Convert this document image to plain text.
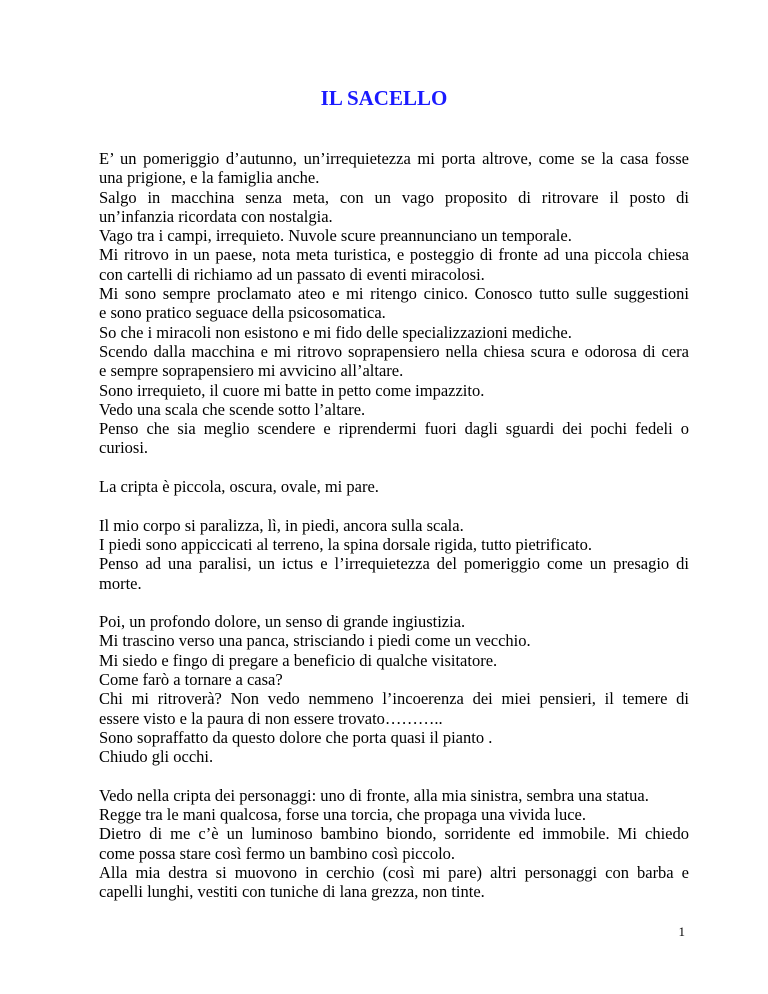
IL SACELLO
E’ un pomeriggio d’autunno, un’irrequietezza mi porta altrove, come se la casa fosse
una prigione, e la famiglia anche.
Salgo in macchina senza meta, con un vago proposito di ritrovare il posto di
un’infanzia ricordata con nostalgia.
Vago tra i campi, irrequieto. Nuvole scure preannunciano un temporale.
Mi ritrovo in un paese, nota meta turistica, e posteggio di fronte ad una piccola chiesa
con cartelli di richiamo ad un passato di eventi miracolosi.
Mi sono sempre proclamato ateo e mi ritengo cinico. Conosco tutto sulle suggestioni
e sono pratico seguace della psicosomatica.
So che i miracoli non esistono e mi fido delle specializzazioni mediche.
Scendo dalla macchina e mi ritrovo soprapensiero nella chiesa scura e odorosa di cera
e sempre soprapensiero mi avvicino all’altare.
Sono irrequieto, il cuore mi batte in petto come impazzito.
Vedo una scala che scende sotto l’altare.
Penso che sia meglio scendere e riprendermi fuori dagli sguardi dei pochi fedeli o
curiosi.
La cripta è piccola, oscura, ovale, mi pare.
Il mio corpo si paralizza, lì, in piedi, ancora sulla scala.
I piedi sono appiccicati al terreno, la spina dorsale rigida, tutto pietrificato.
Penso ad una paralisi, un ictus e l’irrequietezza del pomeriggio come un presagio di
morte.
Poi, un profondo dolore, un senso di grande ingiustizia.
Mi trascino verso una panca, strisciando i piedi come un vecchio.
Mi siedo e fingo di pregare a beneficio di qualche visitatore.
Come farò a tornare a casa?
Chi mi ritroverà? Non vedo nemmeno l’incoerenza dei miei pensieri, il temere di
essere visto e la paura di non essere trovato………..
Sono sopraffatto da questo dolore che porta quasi il pianto .
Chiudo gli occhi.
Vedo nella cripta dei personaggi: uno di fronte, alla mia sinistra, sembra una statua.
Regge tra le mani qualcosa, forse una torcia, che propaga una vivida luce.
Dietro di me c’è un luminoso bambino biondo, sorridente ed immobile. Mi chiedo
come possa stare così fermo un bambino così piccolo.
Alla mia destra si muovono in cerchio (così mi pare) altri personaggi con barba e
capelli lunghi, vestiti con tuniche di lana grezza, non tinte.
1
